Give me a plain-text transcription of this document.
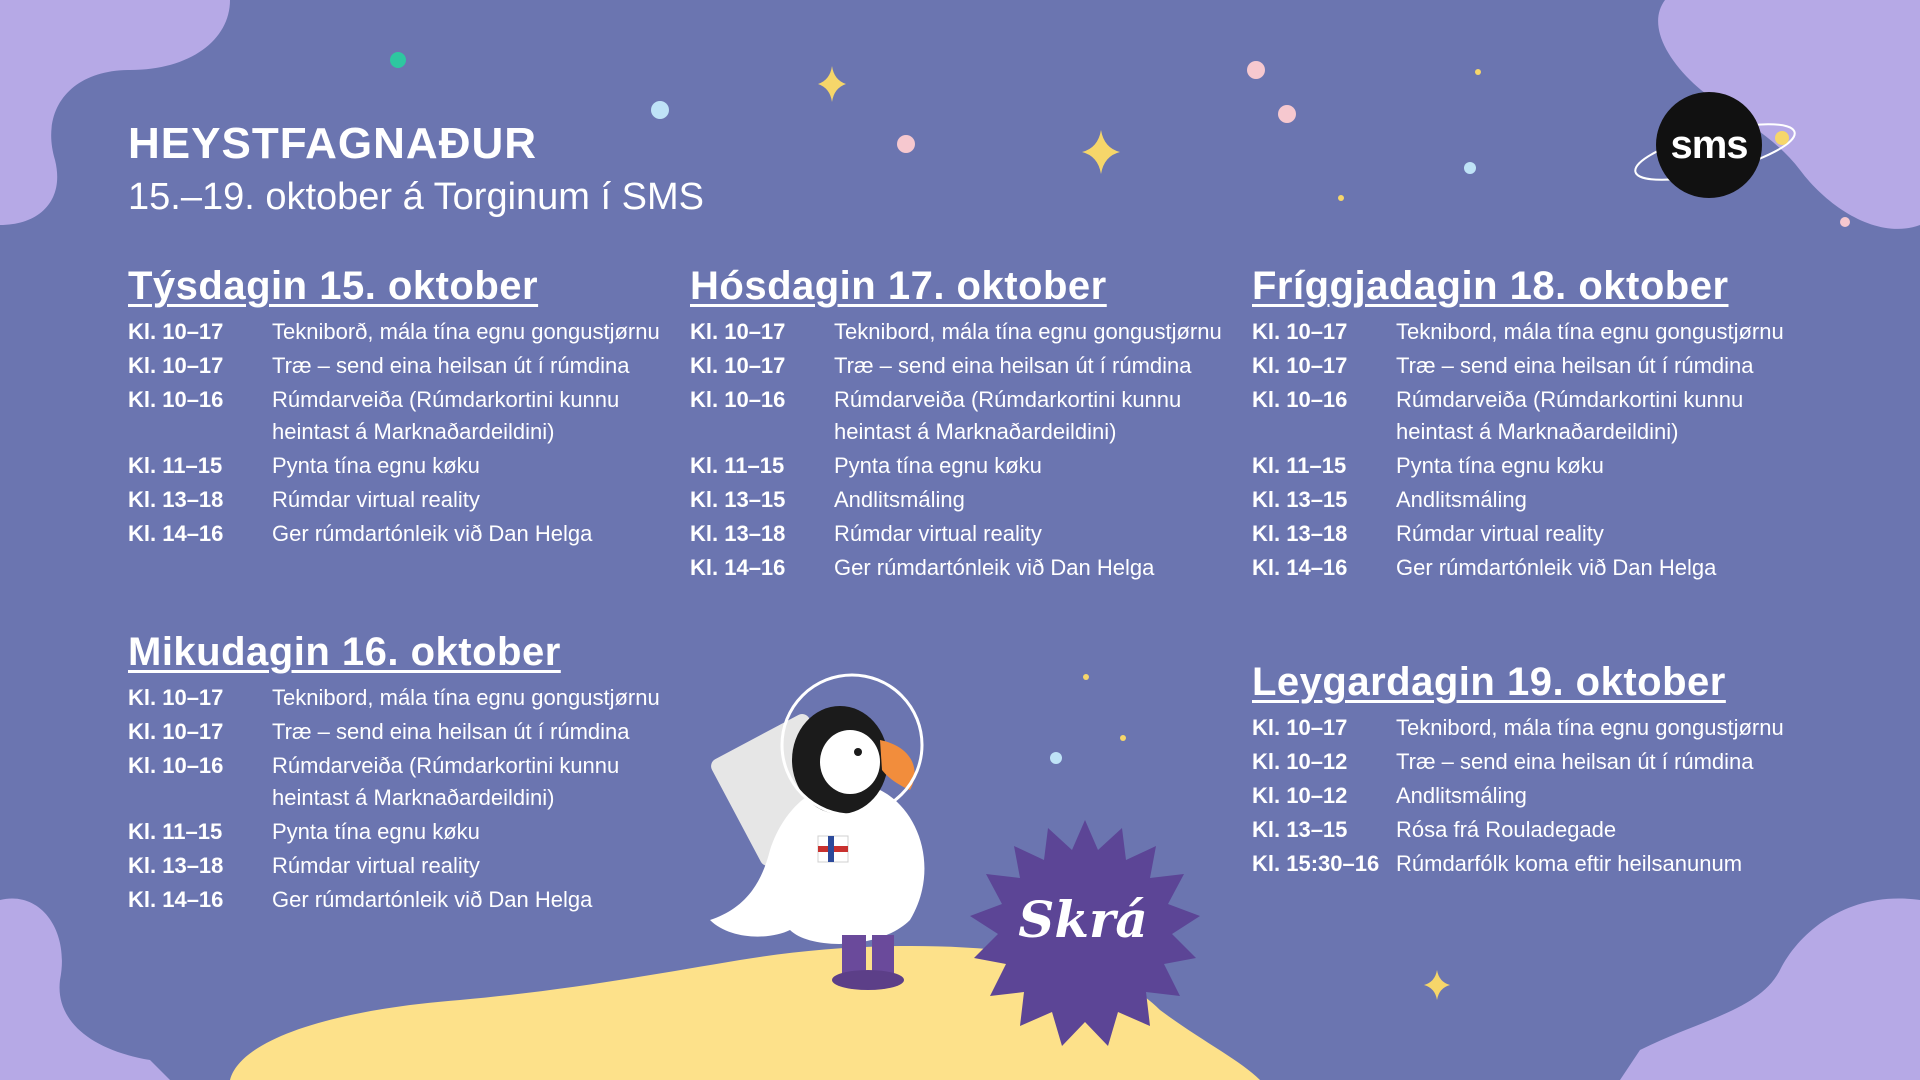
Skrá
HEYSTFAGNAÐUR
15.–19. oktober á Torginum í SMS
sms
Týsdagin 15. oktober
Kl. 10–17	Tekniborð, mála tína egnu gongustjørnu
Kl. 10–17	Træ – send eina heilsan út í rúmdina
Kl. 10–16	Rúmdarveiða (Rúmdarkortini kunnu heintast á Marknaðardeildini)
Kl. 11–15	Pynta tína egnu køku
Kl. 13–18	Rúmdar virtual reality
Kl. 14–16	Ger rúmdartónleik við Dan Helga
Mikudagin 16. oktober
Kl. 10–17	Teknibord, mála tína egnu gongustjørnu
Kl. 10–17	Træ – send eina heilsan út í rúmdina
Kl. 10–16	Rúmdarveiða (Rúmdarkortini kunnu heintast á Marknaðardeildini)
Kl. 11–15	Pynta tína egnu køku
Kl. 13–18	Rúmdar virtual reality
Kl. 14–16	Ger rúmdartónleik við Dan Helga
Hósdagin 17. oktober
Kl. 10–17	Teknibord, mála tína egnu gongustjørnu
Kl. 10–17	Træ – send eina heilsan út í rúmdina
Kl. 10–16	Rúmdarveiða (Rúmdarkortini kunnu heintast á Marknaðardeildini)
Kl. 11–15	Pynta tína egnu køku
Kl. 13–15	Andlitsmáling
Kl. 13–18	Rúmdar virtual reality
Kl. 14–16	Ger rúmdartónleik við Dan Helga
Fríggjadagin 18. oktober
Kl. 10–17	Teknibord, mála tína egnu gongustjørnu
Kl. 10–17	Træ – send eina heilsan út í rúmdina
Kl. 10–16	Rúmdarveiða (Rúmdarkortini kunnu heintast á Marknaðardeildini)
Kl. 11–15	Pynta tína egnu køku
Kl. 13–15	Andlitsmáling
Kl. 13–18	Rúmdar virtual reality
Kl. 14–16	Ger rúmdartónleik við Dan Helga
Leygardagin 19. oktober
Kl. 10–17	Teknibord, mála tína egnu gongustjørnu
Kl. 10–12	Træ – send eina heilsan út í rúmdina
Kl. 10–12	Andlitsmáling
Kl. 13–15	Rósa frá Rouladegade
Kl. 15:30–16 Rúmdarfólk koma eftir heilsanunum
